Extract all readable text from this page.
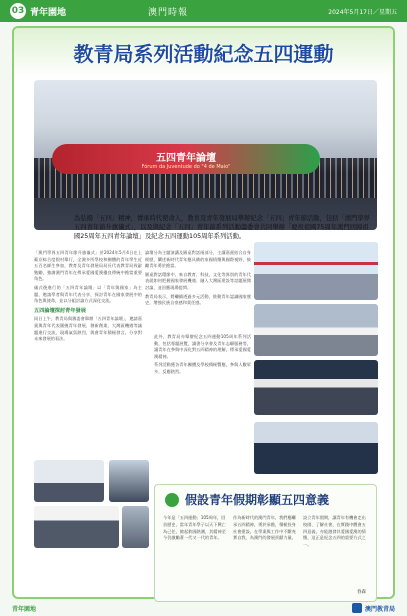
03 青年園地	澳門時報	2024年5月17日／星期五
教青局系列活動紀念五四運動
五四青年論壇
Fórum da Juventude do "4 de Maio"
為弘揚「五四」精神，傳承時代使命人，教育及青年發展局舉辦紀念「五四」青年節活動，包括「澳門學界五四青年節升旗儀式」，以及與紀念「五四」青年節系列活動籌委會共同舉辦「慶祝祖國75周年澳門回歸祖國25周年五四青年論壇」及紀念五四運動105周年系列活動。

「澳門學界五四青年節升旗儀式」於2024年5月4日在上葡京綜合度假村舉行，全澳多所學校和團體的青年學生近五百名師生參加，教育及青年發展局局長代表教青局致辭勉勵，強調澳門青年在傳承愛國愛澳優良傳統中擔當重要角色。

儀式後進行的「五四青年論壇」以「青年與國家」為主題，邀請學者與青年代表分享，探討青年在國家發展中的角色與使命，並以分組討論方式深化交流。

五四論壇探討青年發展

同日上午，教青局與籌委會舉辦「五四青年論壇」，邀請嘉賓與青年代表圍繞青年發展、創新創業、大灣區機遇等議題進行交流，現場氣氛熱烈，與會青年積極發言，分享對未來發展的看法。

論壇分為主題演講及圓桌對話兩部分，主講嘉賓結合自身經歷，闡述新時代青年應具備的家國情懷與國際視野，鼓勵青年勇於擔當。

圓桌對話環節中，來自教育、科技、文化等界別的青年代表就如何把握國家發展機遇、融入大灣區建設等話題展開討論，並回應現場提問。

教青局表示，將繼續透過多元活動，推動青年認識國家歷史，增強民族自豪感和責任感。

此外，教青局亦舉辦紀念五四運動105周年系列活動，包括專題展覽、讀書分享會及青年志願服務等，讓青年在參與中深化對五四精神的理解，傳承愛國愛澳精神。

系列活動獲各青年團體及學校積極響應，參與人數眾多，反應熱烈。

假設青年假期彰顯五四意義
今年是「五四運動」105周年，回首歷史，當年青年學子以天下興亡為己任，掀起救國熱潮，其精神至今仍激勵著一代又一代的青年。
作為新時代的澳門青年，我們應繼承五四精神，勇於承擔，積極投身社會建設，在學業與工作中不斷充實自我，為澳門的發展貢獻力量。
設立青年假期，讓青年有機會走出校園、了解社會，在實踐中體會五四意義，亦能激發其愛國愛澳的情懷，這正是紀念五四的重要方式之一。
春森
青年園地	澳門教青局
